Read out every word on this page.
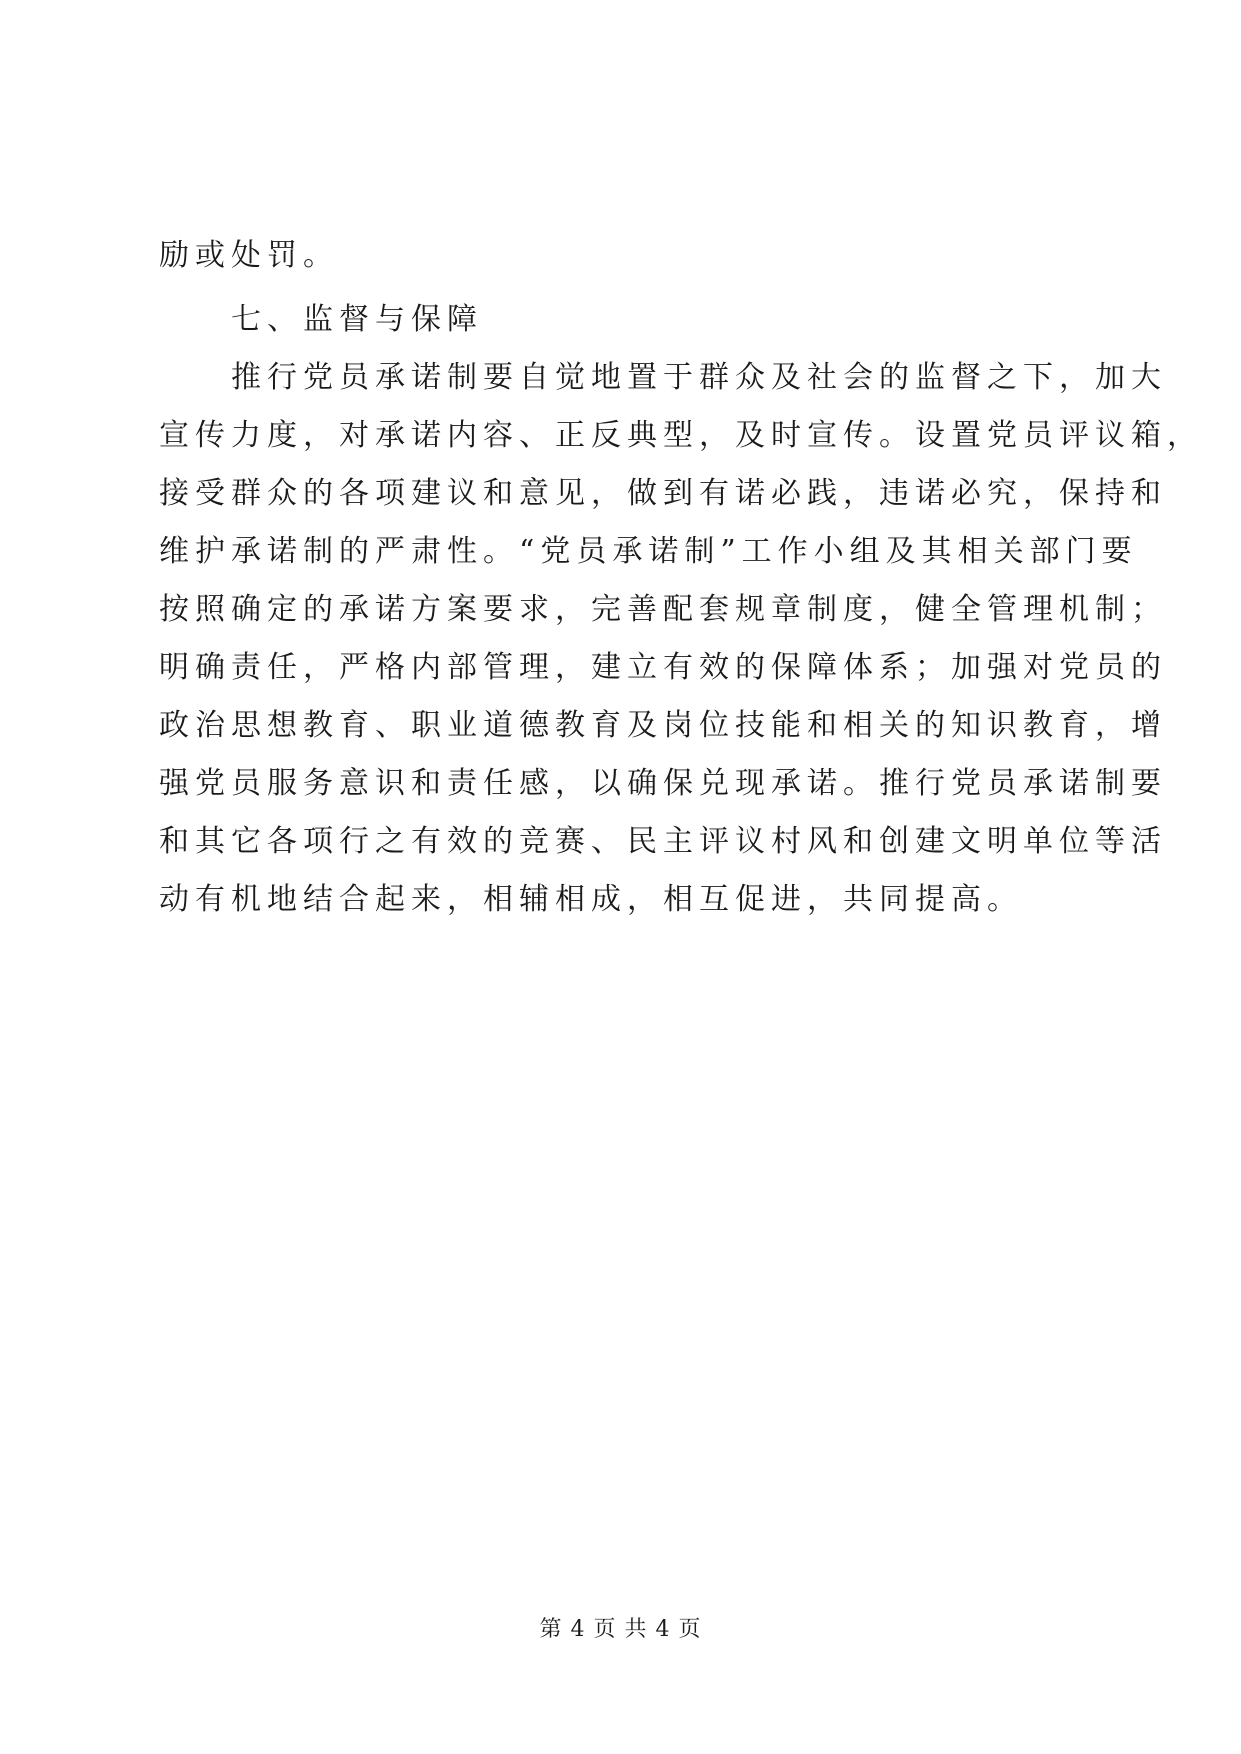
励或处罚。
七、监督与保障
推行党员承诺制要自觉地置于群众及社会的监督之下，加大
宣传力度，对承诺内容、正反典型，及时宣传。设置党员评议箱，
接受群众的各项建议和意见，做到有诺必践，违诺必究，保持和
维护承诺制的严肃性。“党员承诺制”工作小组及其相关部门要
按照确定的承诺方案要求，完善配套规章制度，健全管理机制；
明确责任，严格内部管理，建立有效的保障体系；加强对党员的
政治思想教育、职业道德教育及岗位技能和相关的知识教育，增
强党员服务意识和责任感，以确保兑现承诺。推行党员承诺制要
和其它各项行之有效的竞赛、民主评议村风和创建文明单位等活
动有机地结合起来，相辅相成，相互促进，共同提高。
第 4 页 共 4 页
